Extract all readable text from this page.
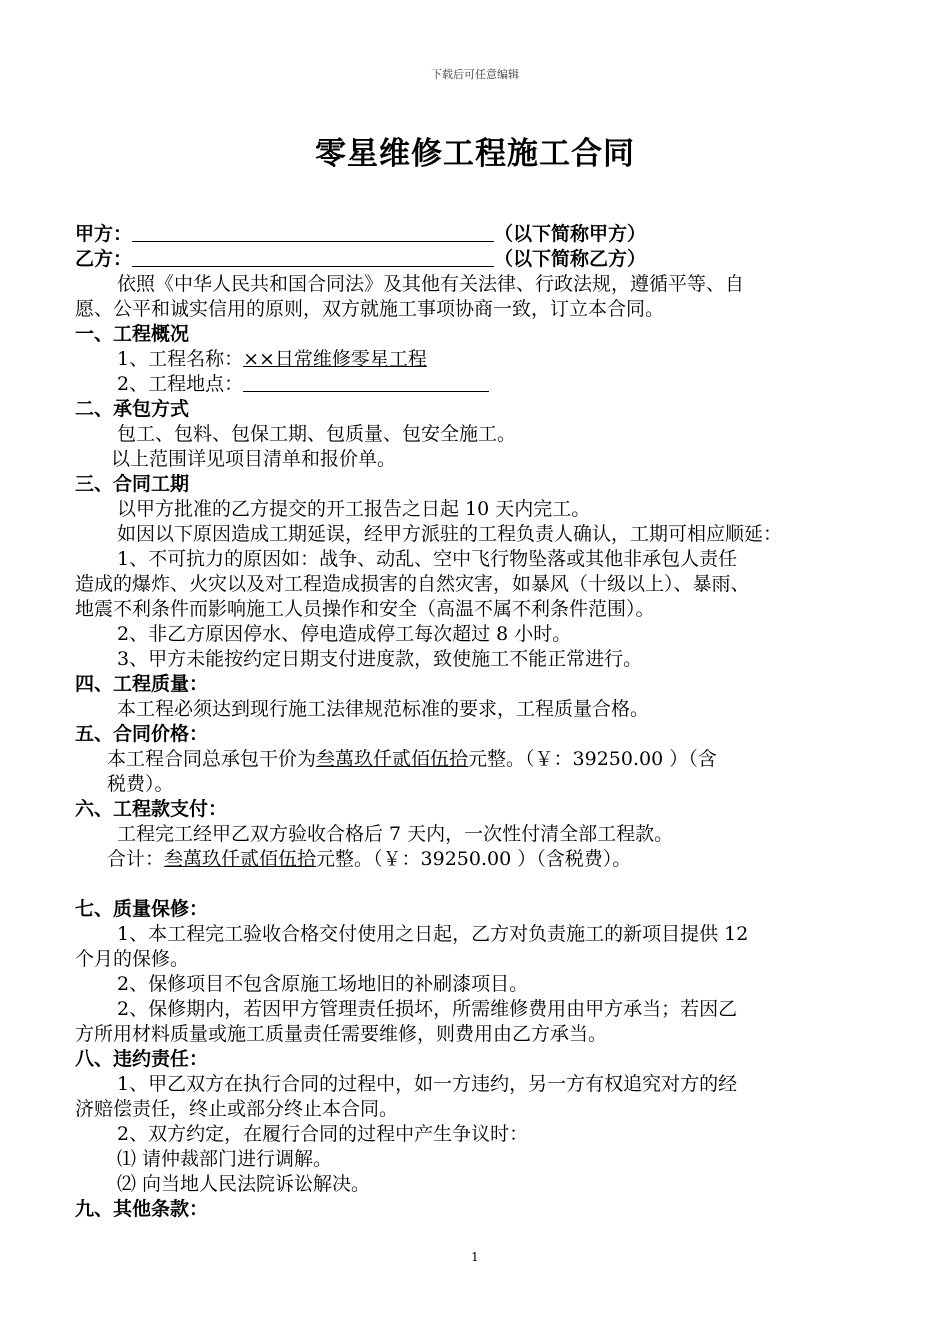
下载后可任意编辑
零星维修工程施工合同
甲方：	（以下简称甲方）
乙方：	（以下简称乙方）
依照《中华人民共和国合同法》及其他有关法律、行政法规，遵循平等、自
愿、公平和诚实信用的原则，双方就施工事项协商一致，订立本合同。
一、工程概况
1、工程名称：××日常维修零星工程
2、工程地点：
二、承包方式
包工、包料、包保工期、包质量、包安全施工。
以上范围详见项目清单和报价单。
三、合同工期
以甲方批准的乙方提交的开工报告之日起 10 天内完工。
如因以下原因造成工期延误，经甲方派驻的工程负责人确认，工期可相应顺延：
1、不可抗力的原因如：战争、动乱、空中飞行物坠落或其他非承包人责任
造成的爆炸、火灾以及对工程造成损害的自然灾害，如暴风（十级以上）、暴雨、
地震不利条件而影响施工人员操作和安全（高温不属不利条件范围）。
2、非乙方原因停水、停电造成停工每次超过 8 小时。
3、甲方未能按约定日期支付进度款，致使施工不能正常进行。
四、工程质量：
本工程必须达到现行施工法律规范标准的要求，工程质量合格。
五、合同价格：
本工程合同总承包干价为叁萬玖仟贰佰伍拾元整。（￥：39250.00 ）（含
税费）。
六、工程款支付：
工程完工经甲乙双方验收合格后 7 天内，一次性付清全部工程款。
合计：叁萬玖仟贰佰伍拾元整。（￥：39250.00 ）（含税费）。
七、质量保修：
1、本工程完工验收合格交付使用之日起，乙方对负责施工的新项目提供 12
个月的保修。
2、保修项目不包含原施工场地旧的补刷漆项目。
2、保修期内，若因甲方管理责任损坏，所需维修费用由甲方承当；若因乙
方所用材料质量或施工质量责任需要维修，则费用由乙方承当。
八、违约责任：
1、甲乙双方在执行合同的过程中，如一方违约，另一方有权追究对方的经
济赔偿责任，终止或部分终止本合同。
2、双方约定，在履行合同的过程中产生争议时：
⑴ 请仲裁部门进行调解。
⑵ 向当地人民法院诉讼解决。
九、其他条款：
1
